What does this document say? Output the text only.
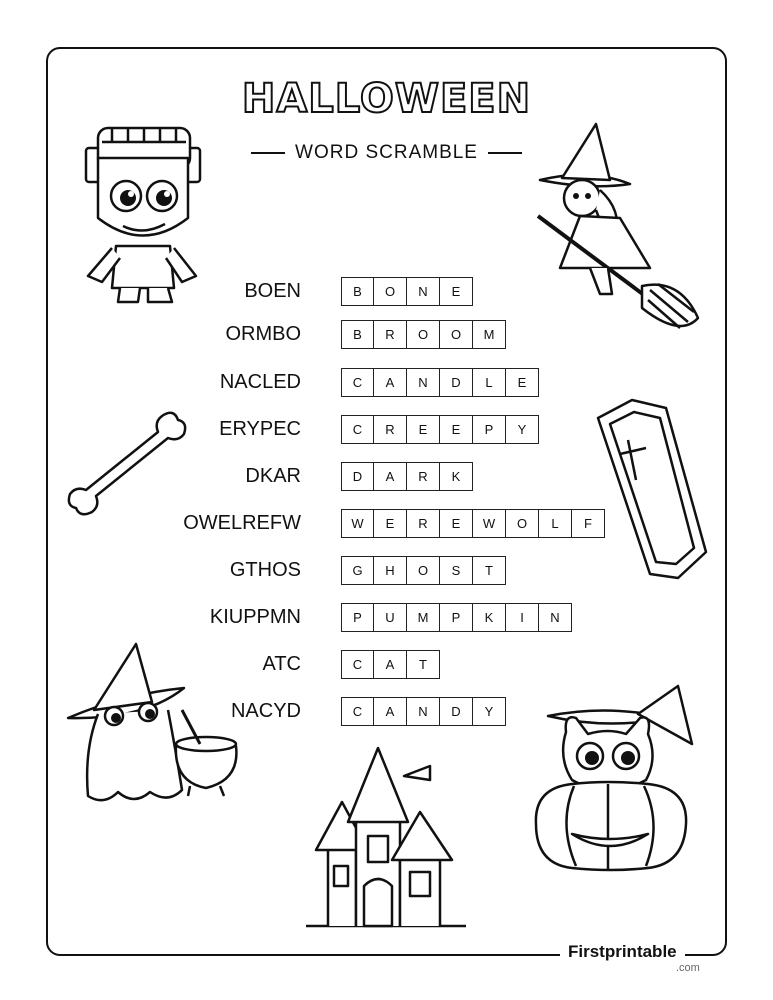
HALLOWEEN
WORD SCRAMBLE
BOEN	B	O	N	E
ORMBO	B	R	O	O	M
NACLED	C	A	N	D	L	E
ERYPEC	C	R	E	E	P	Y
DKAR	D	A	R	K
OWELREFW	W	E	R	E	W	O	L	F
GTHOS	G	H	O	S	T
KIUPPMN	P	U	M	P	K	I	N
ATC	C	A	T
NACYD	C	A	N	D	Y
Firstprintable
.com
